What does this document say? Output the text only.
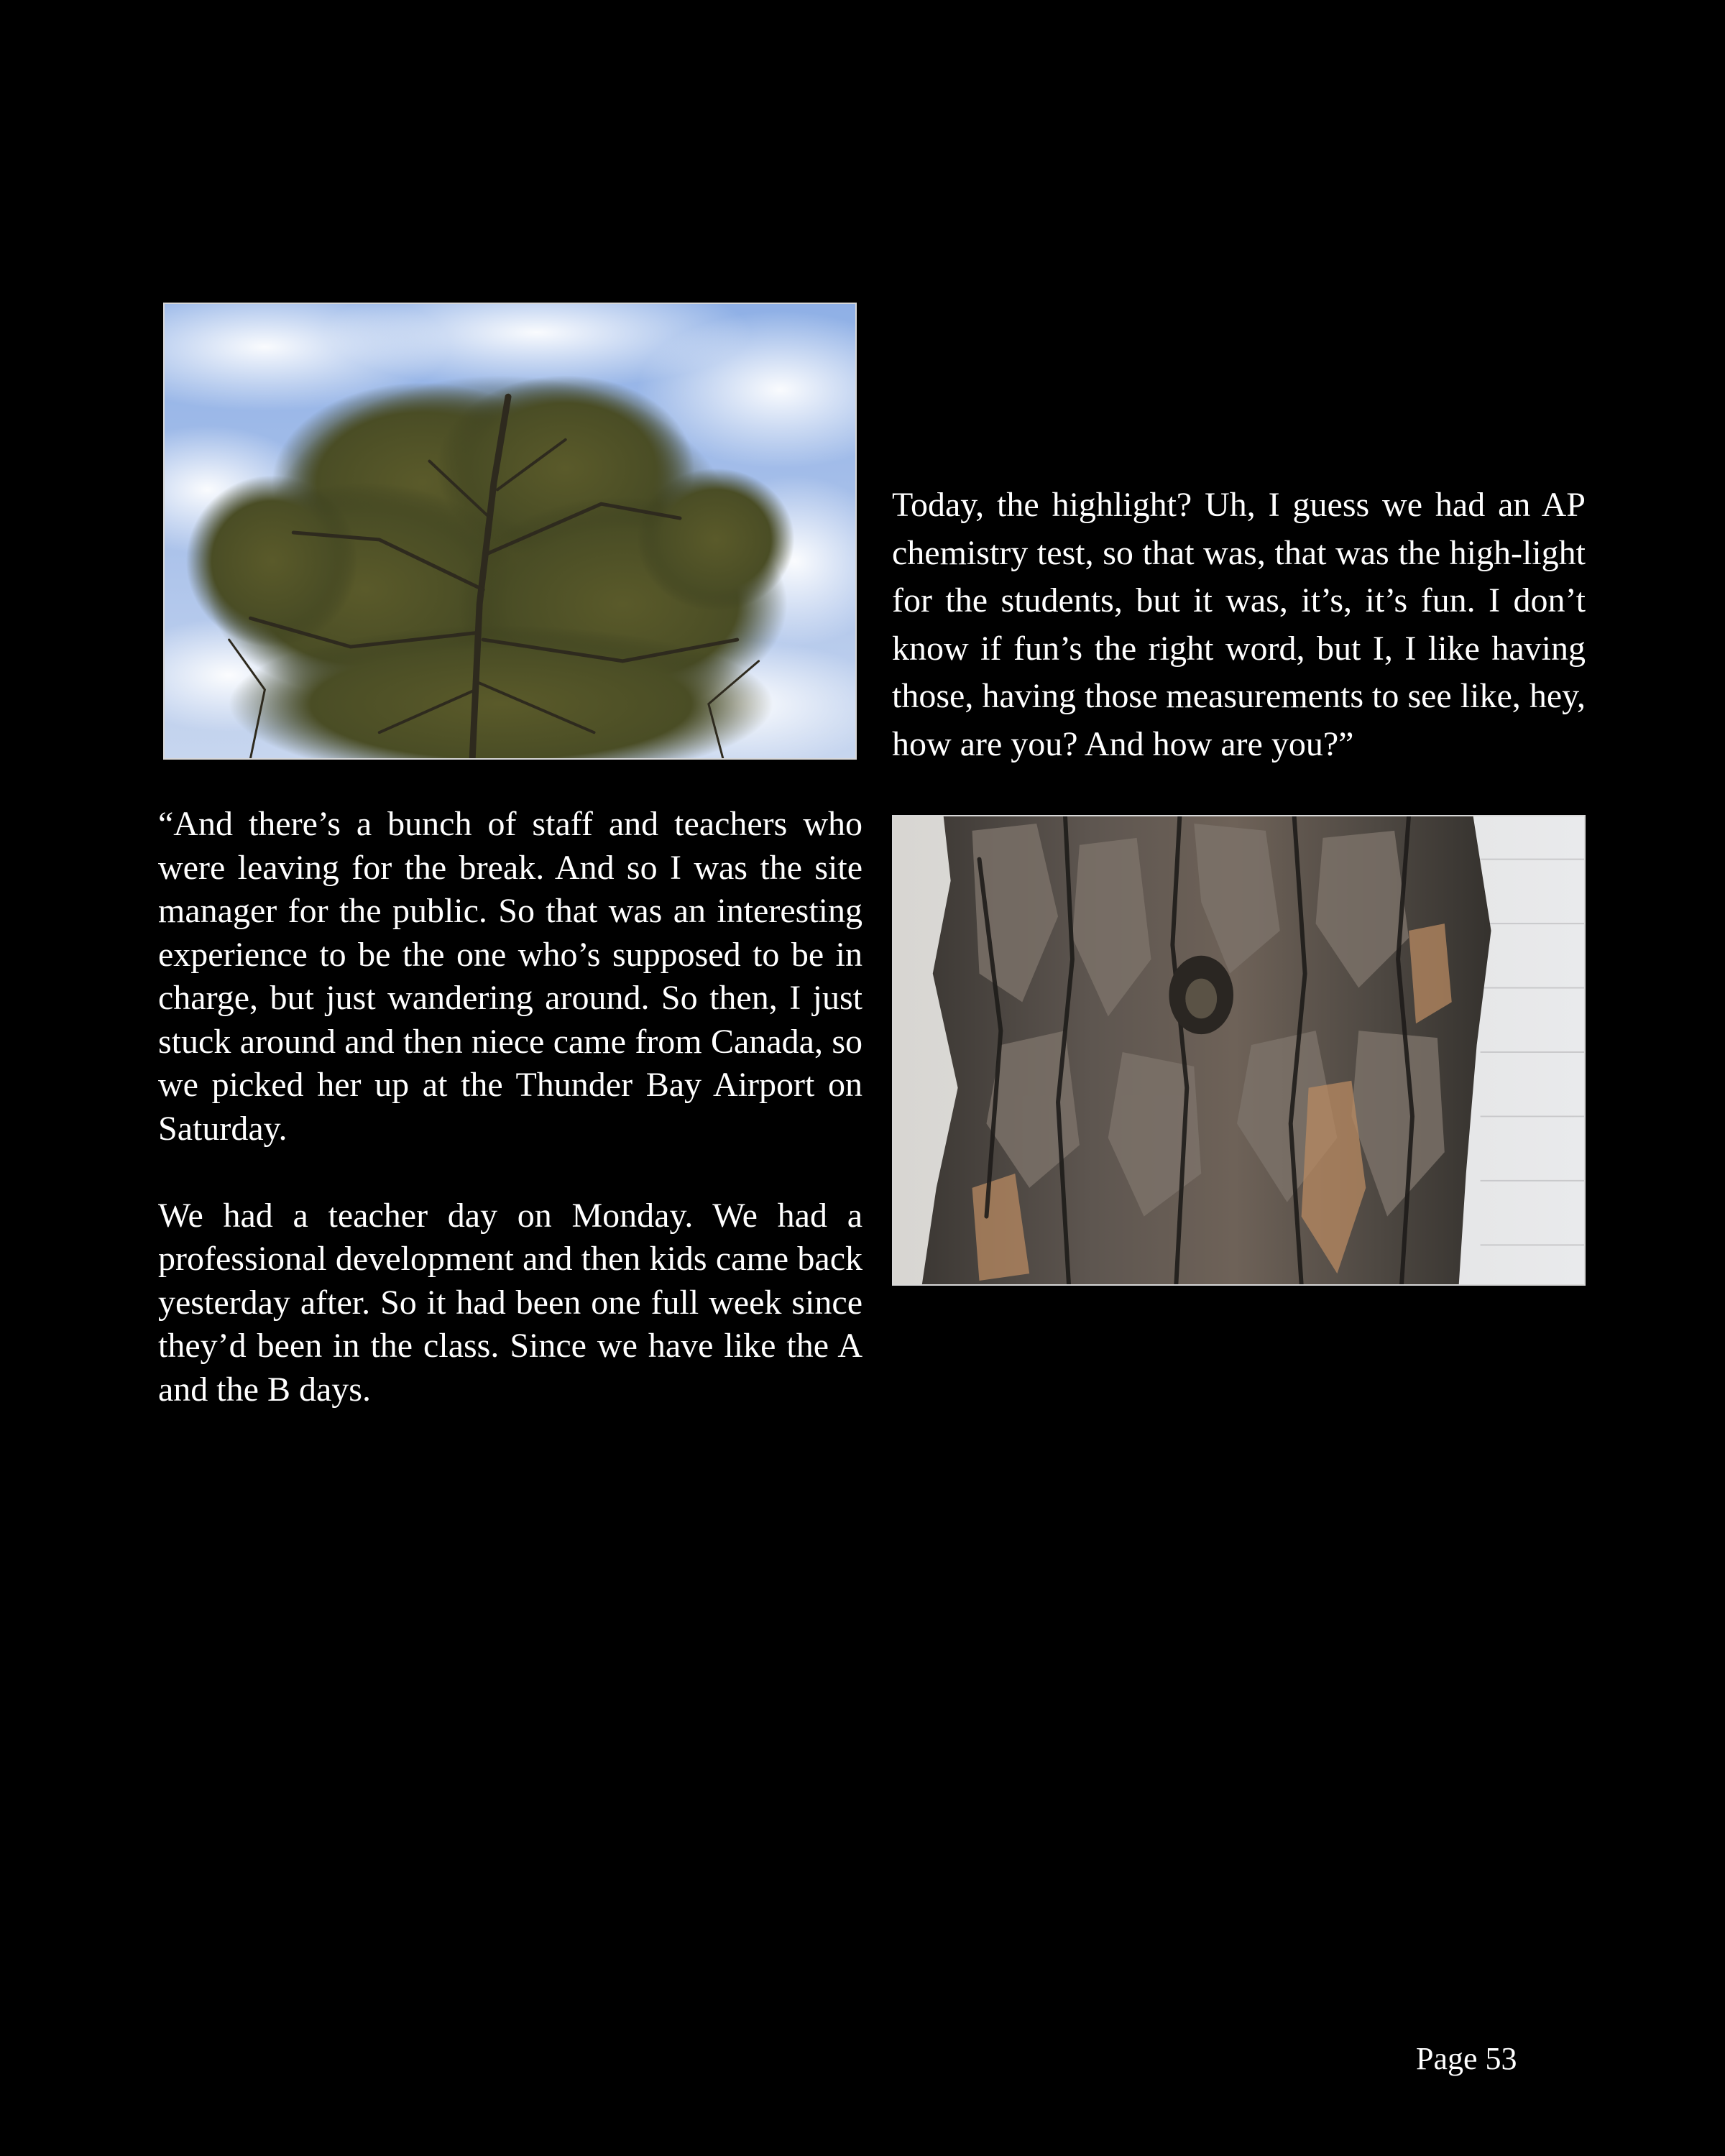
Today, the highlight? Uh, I guess we had an AP chemistry test, so that was, that was the high-light for the students, but it was, it’s, it’s fun. I don’t know if fun’s the right word, but I, I like having those, having those measurements to see like, hey, how are you? And how are you?”

“And there’s a bunch of staff and teachers who were leaving for the break. And so I was the site manager for the public. So that was an interesting experience to be the one who’s supposed to be in charge, but just wandering around. So then, I just stuck around and then niece came from Canada, so we picked her up at the Thunder Bay Airport on Saturday.

We had a teacher day on Monday. We had a professional development and then kids came back yesterday after. So it had been one full week since they’d been in the class. Since we have like the A and the B days.

Page 53
